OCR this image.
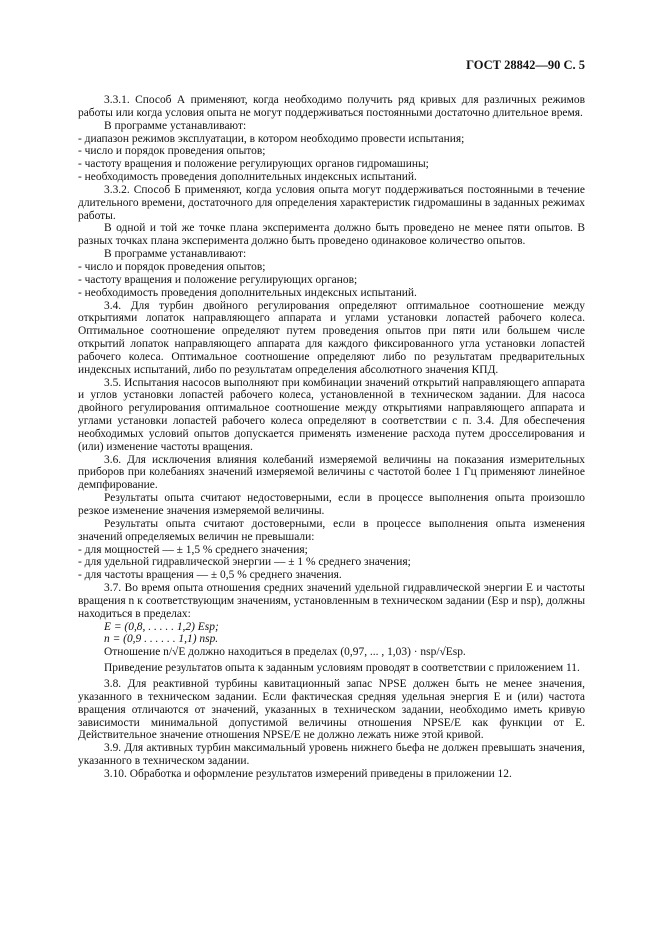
ГОСТ 28842—90 С. 5

3.3.1. Способ А применяют, когда необходимо получить ряд кривых для различных режимов работы или когда условия опыта не могут поддерживаться постоянными достаточно длительное время.

В программе устанавливают:

- диапазон режимов эксплуатации, в котором необходимо провести испытания;

- число и порядок проведения опытов;

- частоту вращения и положение регулирующих органов гидромашины;

- необходимость проведения дополнительных индексных испытаний.

3.3.2. Способ Б применяют, когда условия опыта могут поддерживаться постоянными в течение длительного времени, достаточного для определения характеристик гидромашины в заданных режимах работы.

В одной и той же точке плана эксперимента должно быть проведено не менее пяти опытов. В разных точках плана эксперимента должно быть проведено одинаковое количество опытов.

В программе устанавливают:

- число и порядок проведения опытов;

- частоту вращения и положение регулирующих органов;

- необходимость проведения дополнительных индексных испытаний.

3.4. Для турбин двойного регулирования определяют оптимальное соотношение между открытиями лопаток направляющего аппарата и углами установки лопастей рабочего колеса. Оптимальное соотношение определяют путем проведения опытов при пяти или большем числе открытий лопаток направляющего аппарата для каждого фиксированного угла установки лопастей рабочего колеса. Оптимальное соотношение определяют либо по результатам предварительных индексных испытаний, либо по результатам определения абсолютного значения КПД.

3.5. Испытания насосов выполняют при комбинации значений открытий направляющего аппарата и углов установки лопастей рабочего колеса, установленной в техническом задании. Для насоса двойного регулирования оптимальное соотношение между открытиями направляющего аппарата и углами установки лопастей рабочего колеса определяют в соответствии с п. 3.4. Для обеспечения необходимых условий опытов допускается применять изменение расхода путем дросселирования и (или) изменение частоты вращения.

3.6. Для исключения влияния колебаний измеряемой величины на показания измерительных приборов при колебаниях значений измеряемой величины с частотой более 1 Гц применяют линейное демпфирование.

Результаты опыта считают недостоверными, если в процессе выполнения опыта произошло резкое изменение значения измеряемой величины.

Результаты опыта считают достоверными, если в процессе выполнения опыта изменения значений определяемых величин не превышали:

- для мощностей — ± 1,5 % среднего значения;

- для удельной гидравлической энергии — ± 1 % среднего значения;

- для частоты вращения — ± 0,5 % среднего значения.

3.7. Во время опыта отношения средних значений удельной гидравлической энергии E и частоты вращения n к соответствующим значениям, установленным в техническом задании (Esp и nsp), должны находиться в пределах:

E = (0,8, . . . . . 1,2) Esp;

n = (0,9 . . . . . . 1,1) nsp.

Отношение n/√E должно находиться в пределах (0,97, ... , 1,03) · nsp/√Esp.

Приведение результатов опыта к заданным условиям проводят в соответствии с приложением 11.

3.8. Для реактивной турбины кавитационный запас NPSE должен быть не менее значения, указанного в техническом задании. Если фактическая средняя удельная энергия E и (или) частота вращения отличаются от значений, указанных в техническом задании, необходимо иметь кривую зависимости минимальной допустимой величины отношения NPSE/E как функции от E. Действительное значение отношения NPSE/E не должно лежать ниже этой кривой.

3.9. Для активных турбин максимальный уровень нижнего бьефа не должен превышать значения, указанного в техническом задании.

3.10. Обработка и оформление результатов измерений приведены в приложении 12.
